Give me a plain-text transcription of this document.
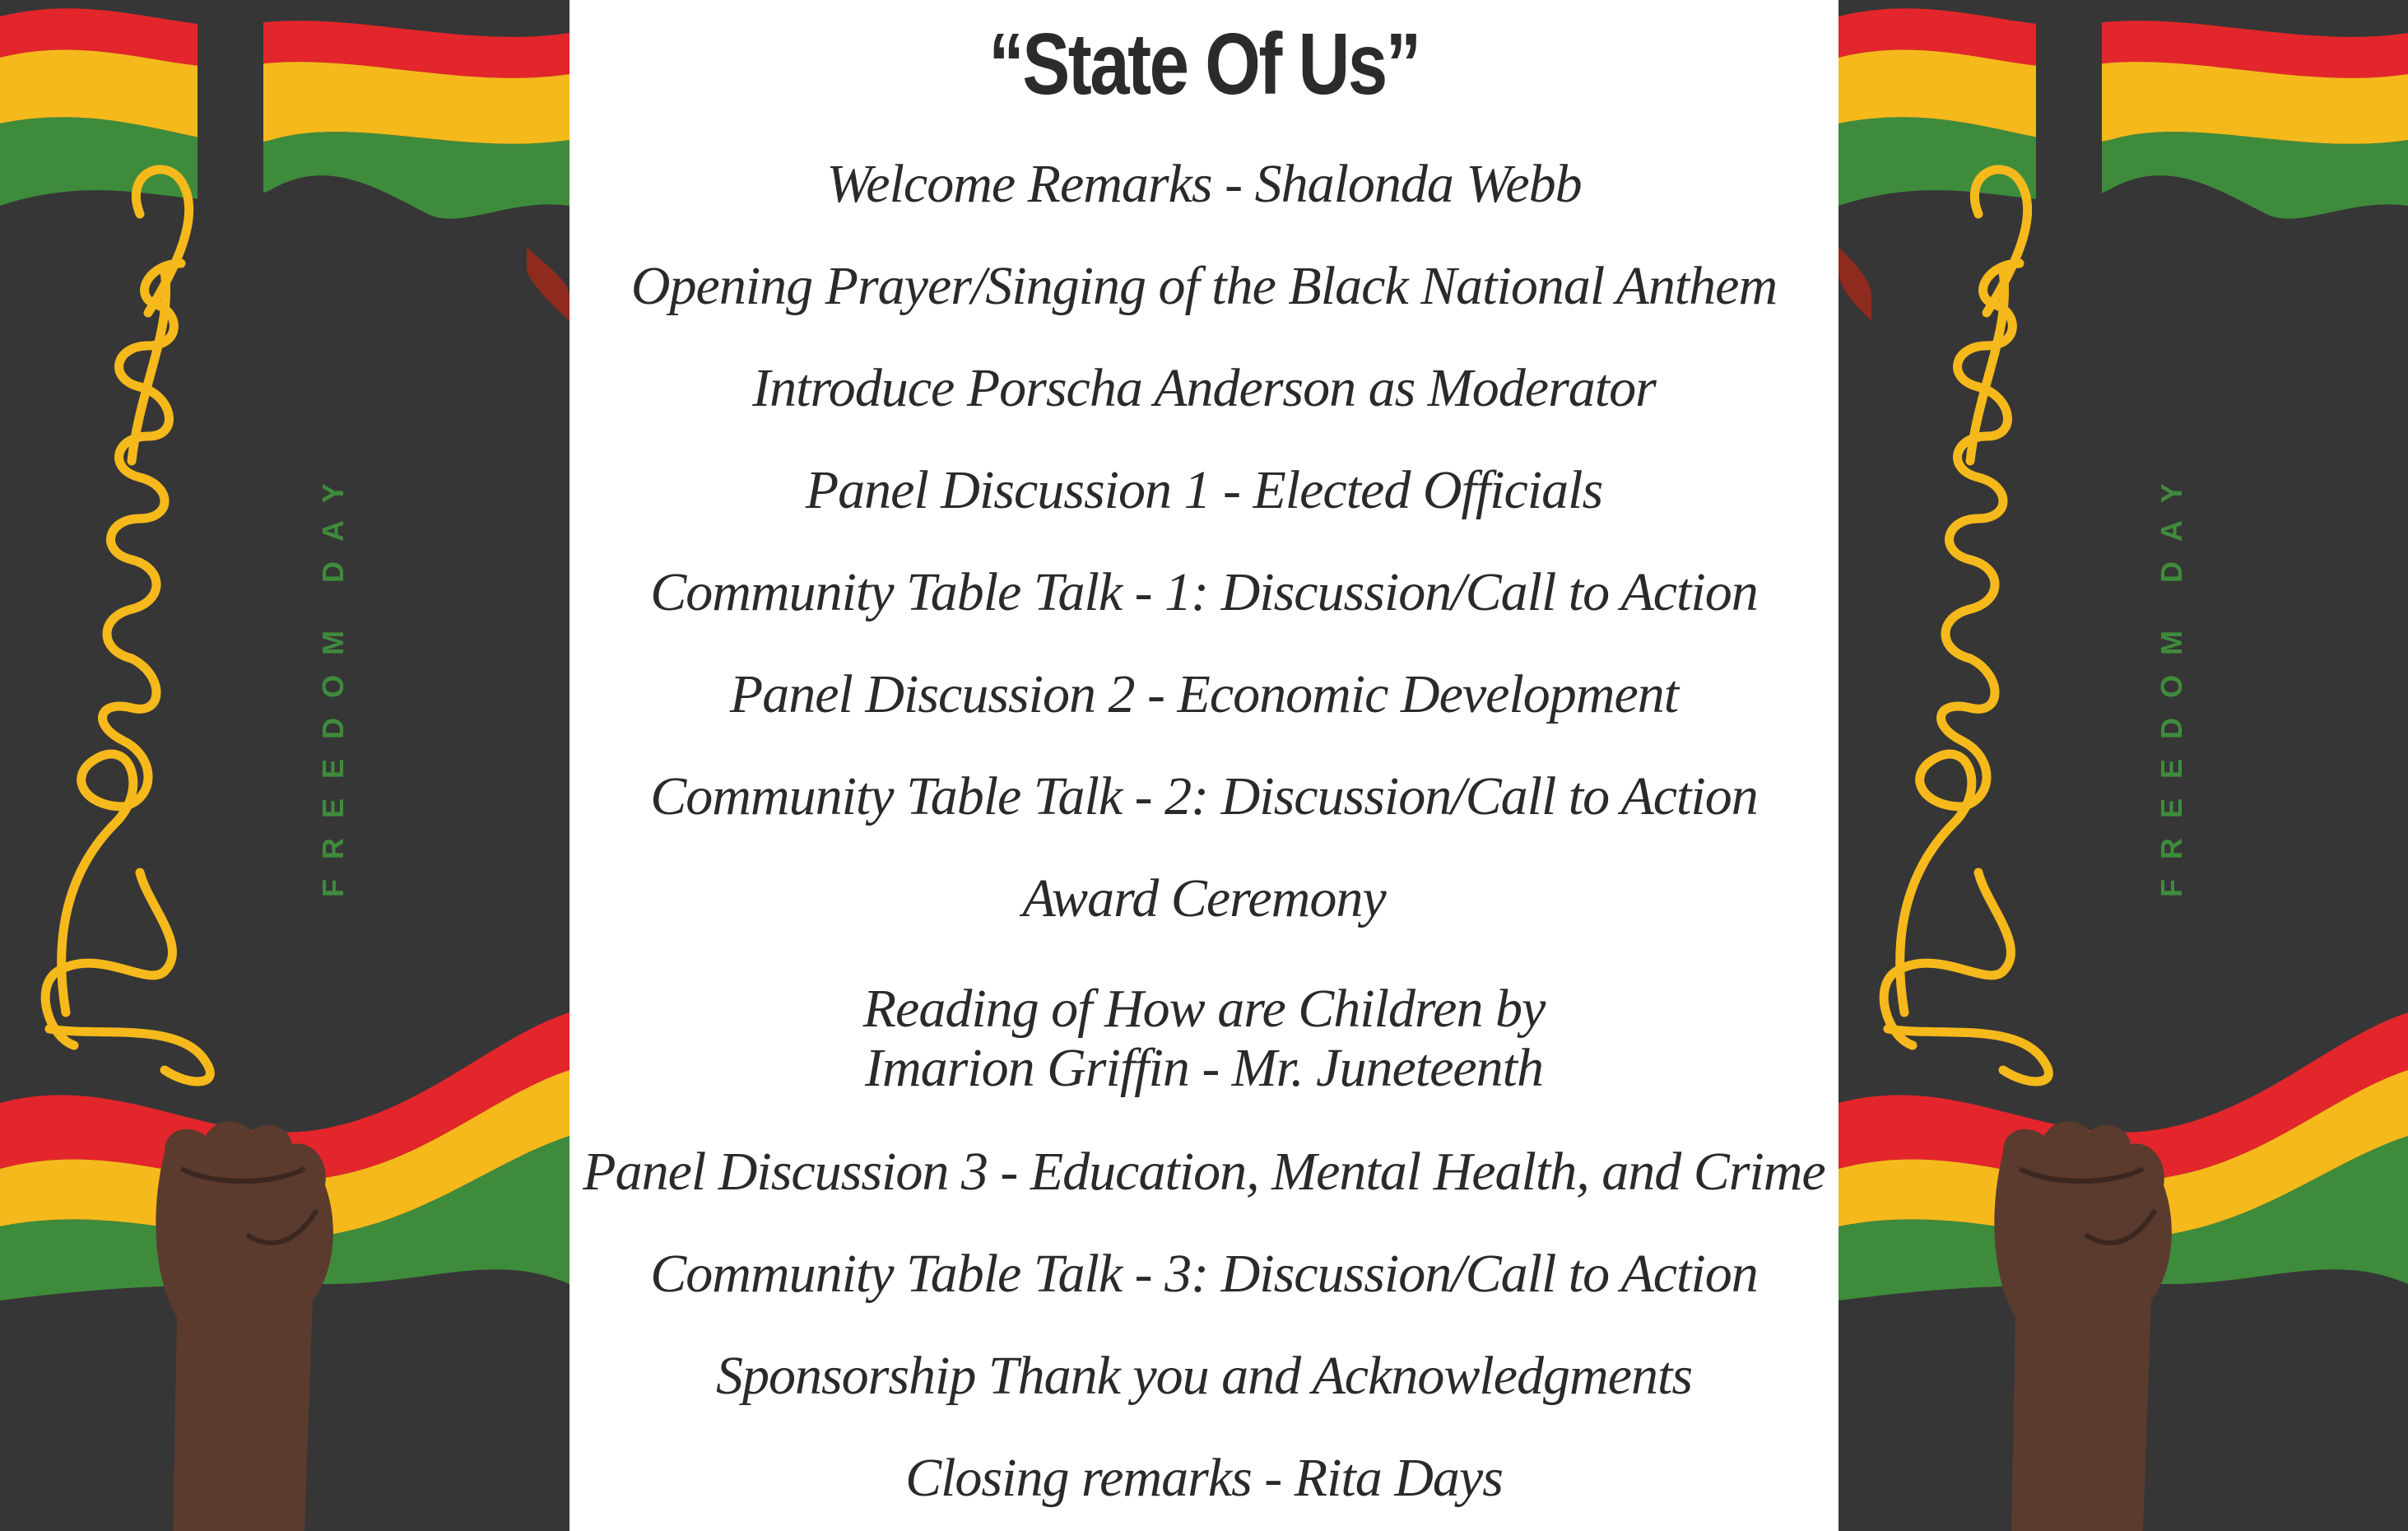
FREEDOM DAY
“State Of Us”
Welcome Remarks - Shalonda Webb
Opening Prayer/Singing of the Black National Anthem
Introduce Porscha Anderson as Moderator
Panel Discussion 1 - Elected Officials
Community Table Talk - 1: Discussion/Call to Action
Panel Discussion 2 - Economic Development
Community Table Talk - 2: Discussion/Call to Action
Award Ceremony
Reading of How are Children by
Imarion Griffin - Mr. Juneteenth
Panel Discussion 3 - Education, Mental Health, and Crime
Community Table Talk - 3: Discussion/Call to Action
Sponsorship Thank you and Acknowledgments
Closing remarks - Rita Days
FREEDOM DAY
